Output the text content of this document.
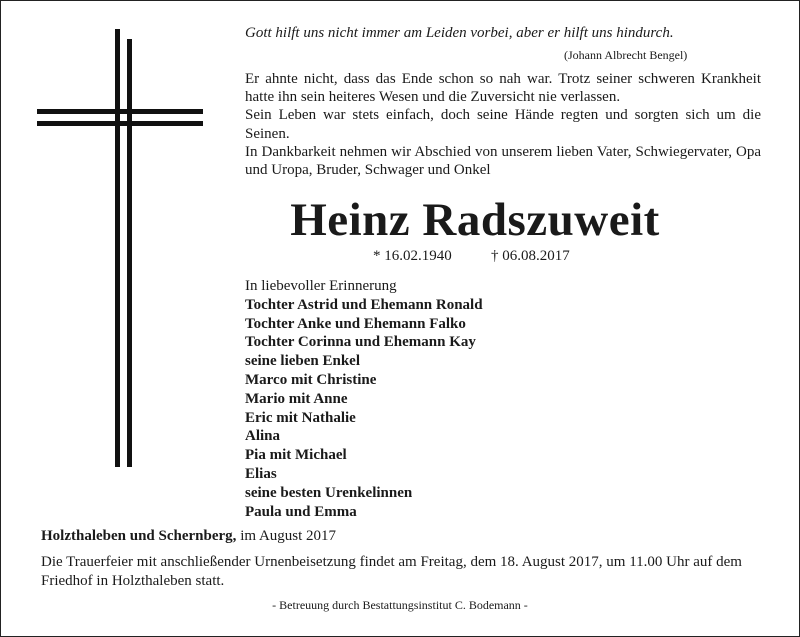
Gott hilft uns nicht immer am Leiden vorbei, aber er hilft uns hindurch.
(Johann Albrecht Bengel)

Er ahnte nicht, dass das Ende schon so nah war. Trotz seiner schweren Krankheit hatte ihn sein heiteres Wesen und die Zuversicht nie verlassen.

Sein Leben war stets einfach, doch seine Hände regten und sorgten sich um die Seinen.

In Dankbarkeit nehmen wir Abschied von unserem lieben Vater, Schwiegervater, Opa und Uropa, Bruder, Schwager und Onkel

Heinz Radszuweit
* 16.02.1940	† 06.08.2017
In liebevoller Erinnerung
Tochter Astrid und Ehemann Ronald
Tochter Anke und Ehemann Falko
Tochter Corinna und Ehemann Kay
seine lieben Enkel
Marco mit Christine
Mario mit Anne
Eric mit Nathalie
Alina
Pia mit Michael
Elias
seine besten Urenkelinnen
Paula und Emma
Holzthaleben und Schernberg, im August 2017
Die Trauerfeier mit anschließender Urnenbeisetzung findet am Freitag, dem 18. August 2017, um 11.00 Uhr auf dem Friedhof in Holzthaleben statt.
- Betreuung durch Bestattungsinstitut C. Bodemann -
